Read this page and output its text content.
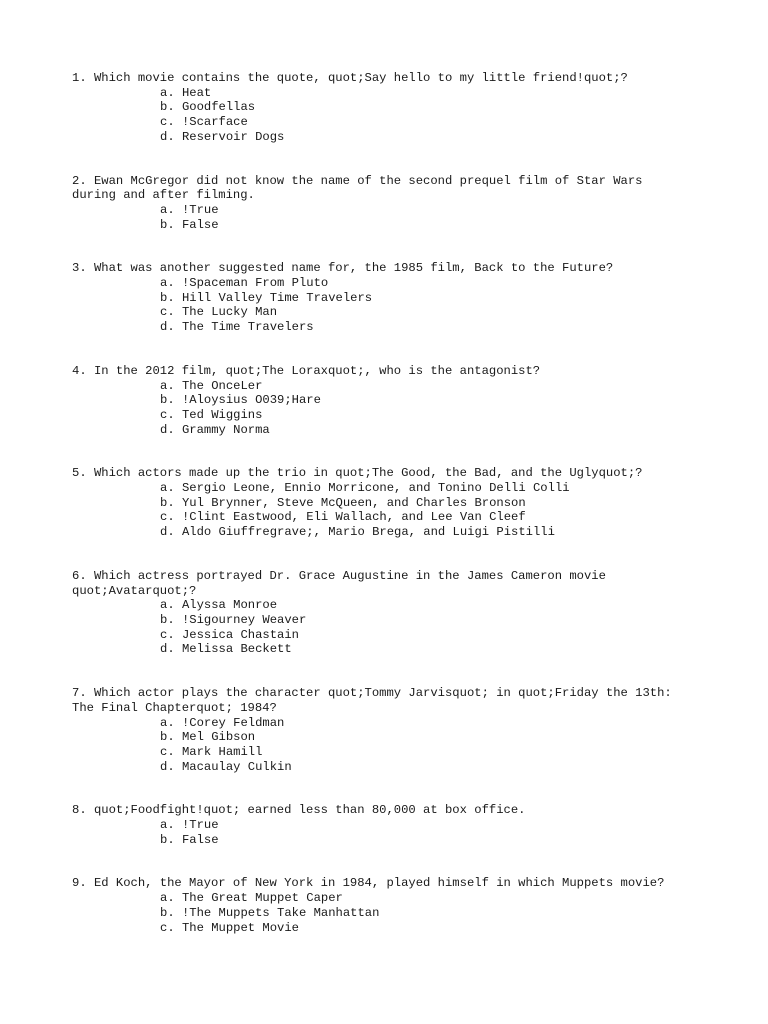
1. Which movie contains the quote, quot;Say hello to my little friend!quot;?

a. Heat
b. Goodfellas
c. !Scarface
d. Reservoir Dogs

2. Ewan McGregor did not know the name of the second prequel film of Star Wars
during and after filming.

a. !True
b. False

3. What was another suggested name for, the 1985 film, Back to the Future?

a. !Spaceman From Pluto
b. Hill Valley Time Travelers
c. The Lucky Man
d. The Time Travelers

4. In the 2012 film, quot;The Loraxquot;, who is the antagonist?

a. The OnceLer
b. !Aloysius O039;Hare
c. Ted Wiggins
d. Grammy Norma

5. Which actors made up the trio in quot;The Good, the Bad, and the Uglyquot;?

a. Sergio Leone, Ennio Morricone, and Tonino Delli Colli
b. Yul Brynner, Steve McQueen, and Charles Bronson
c. !Clint Eastwood, Eli Wallach, and Lee Van Cleef
d. Aldo Giuffregrave;, Mario Brega, and Luigi Pistilli

6. Which actress portrayed Dr. Grace Augustine in the James Cameron movie
quot;Avatarquot;?

a. Alyssa Monroe
b. !Sigourney Weaver
c. Jessica Chastain
d. Melissa Beckett

7. Which actor plays the character quot;Tommy Jarvisquot; in quot;Friday the 13th:
The Final Chapterquot; 1984?

a. !Corey Feldman
b. Mel Gibson
c. Mark Hamill
d. Macaulay Culkin

8. quot;Foodfight!quot; earned less than 80,000 at box office.

a. !True
b. False

9. Ed Koch, the Mayor of New York in 1984, played himself in which Muppets movie?

a. The Great Muppet Caper
b. !The Muppets Take Manhattan
c. The Muppet Movie
